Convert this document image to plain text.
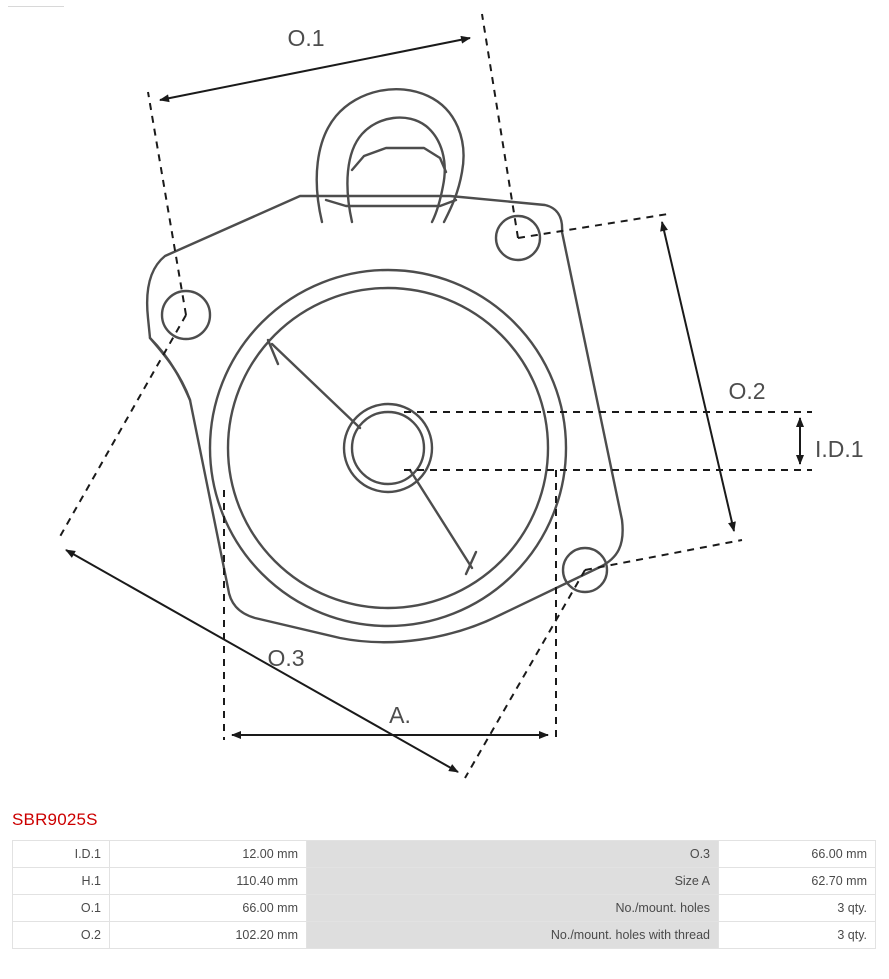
O.1
O.2
O.3
I.D.1
A.
SBR9025S
I.D.1	12.00 mm	O.3	66.00 mm
H.1	110.40 mm	Size A	62.70 mm
O.1	66.00 mm	No./mount. holes	3 qty.
O.2	102.20 mm	No./mount. holes with thread	3 qty.
